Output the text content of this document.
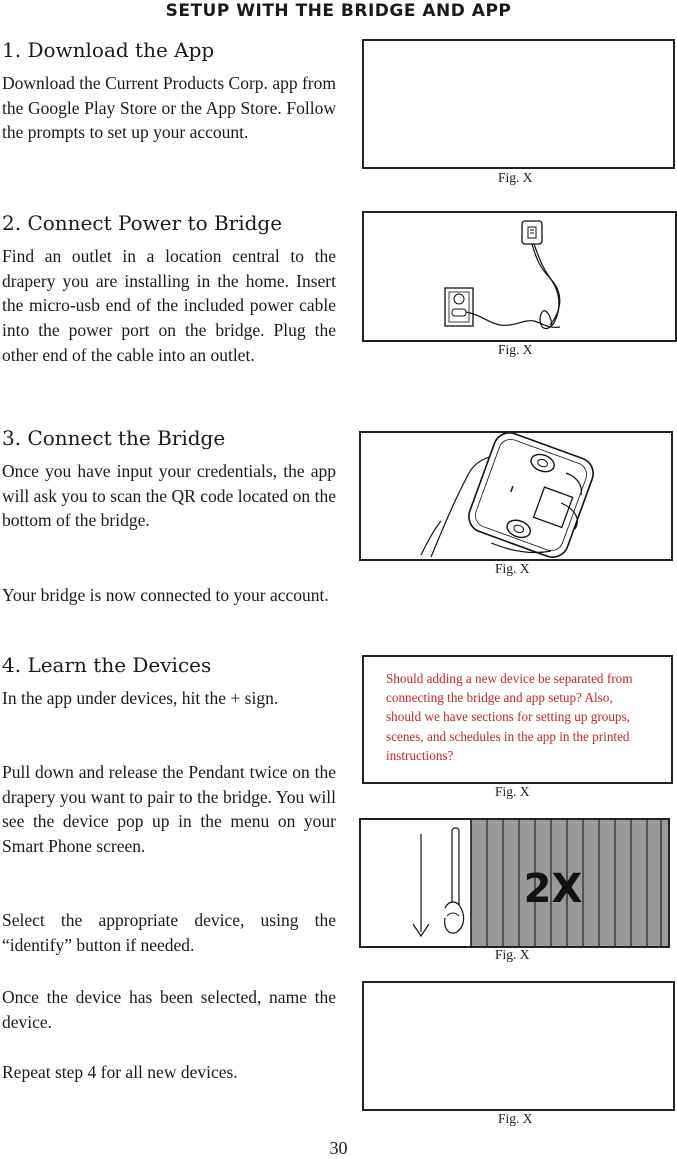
SETUP WITH THE BRIDGE AND APP
1. Download the App

Download the Current Products Corp. app from the Google Play Store or the App Store. Follow the prompts to set up your account.

Fig. X
2. Connect Power to Bridge

Find an outlet in a location central to the drapery you are installing in the home. Insert the micro-usb end of the included power cable into the power port on the bridge. Plug the other end of the cable into an outlet.	Fig. X
3. Connect the Bridge

Once you have input your credentials, the app will ask you to scan the QR code located on the bottom of the bridge.

Your bridge is now connected to your account.

Fig. X
4. Learn the Devices

In the app under devices, hit the + sign.

Pull down and release the Pendant twice on the drapery you want to pair to the bridge. You will see the device pop up in the menu on your Smart Phone screen.

Select the appropriate device, using the “identify” button if needed.

Once the device has been selected, name the device.

Repeat step 4 for all new devices.

Should adding a new device be separated from connecting the bridge and app setup? Also, should we have sections for setting up groups, scenes, and schedules in the app in the printed instructions?
Fig. X
2X
Fig. X
Fig. X
30
